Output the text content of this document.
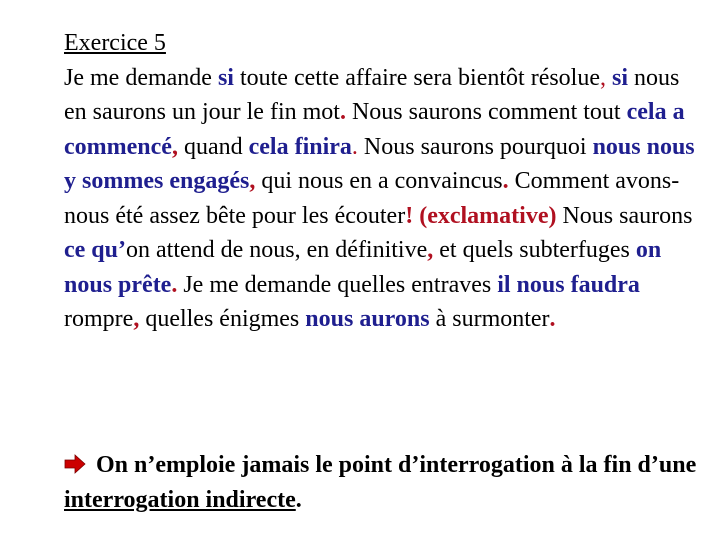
Exercice 5

Je me demande si toute cette affaire sera bientôt résolue, si nous en saurons un jour le fin mot. Nous saurons comment tout cela a commencé, quand cela finira. Nous saurons pourquoi nous nous y sommes engagés, qui nous en a convaincus. Comment avons-nous été assez bête pour les écouter! (exclamative) Nous saurons ce qu’on attend de nous, en définitive, et quels subterfuges on nous prête. Je me demande quelles entraves il nous faudra rompre, quelles énigmes nous aurons à surmonter.

On n’emploie jamais le point d’interrogation à la fin d’une interrogation indirecte.
